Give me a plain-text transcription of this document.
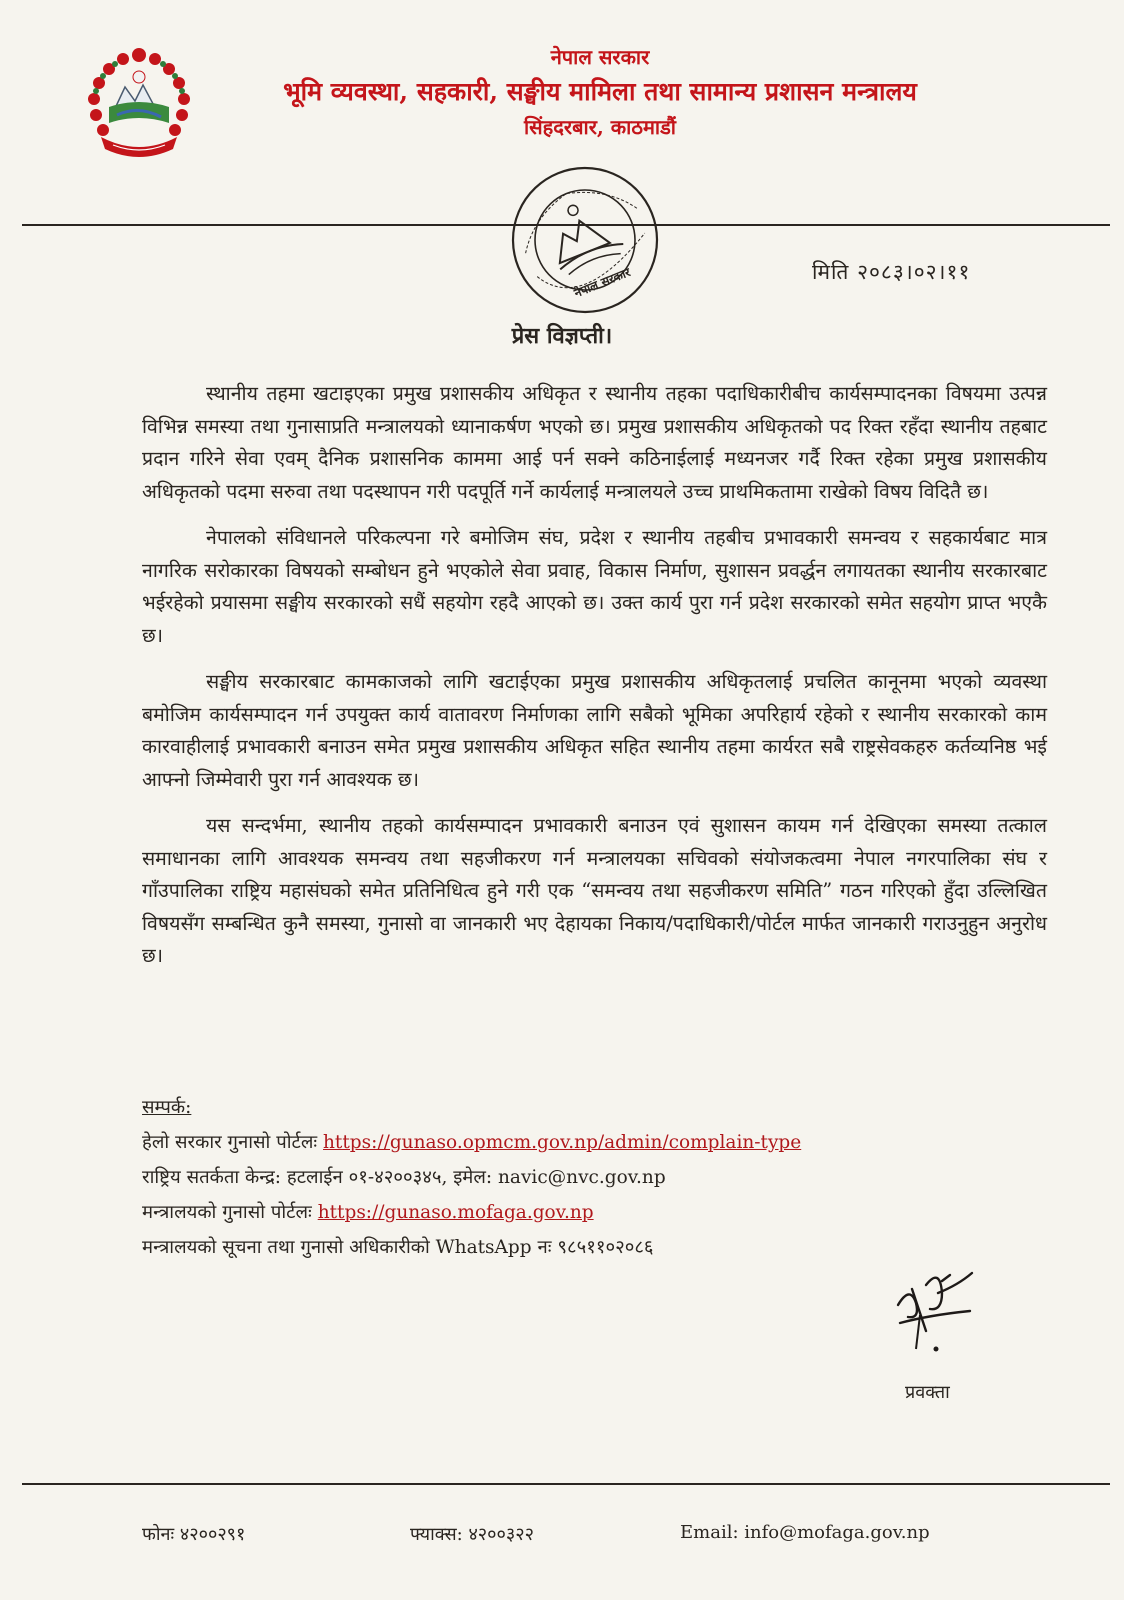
नेपाल सरकार
भूमि व्यवस्था, सहकारी, सङ्घीय मामिला तथा सामान्य प्रशासन मन्त्रालय
सिंहदरबार, काठमाडौं
नेपाल सरकार	मिति २०८३।०२।११
प्रेस विज्ञप्ती।

स्थानीय तहमा खटाइएका प्रमुख प्रशासकीय अधिकृत र स्थानीय तहका पदाधिकारीबीच कार्यसम्पादनका विषयमा उत्पन्न विभिन्न समस्या तथा गुनासाप्रति मन्त्रालयको ध्यानाकर्षण भएको छ। प्रमुख प्रशासकीय अधिकृतको पद रिक्त रहँदा स्थानीय तहबाट प्रदान गरिने सेवा एवम् दैनिक प्रशासनिक काममा आई पर्न सक्ने कठिनाईलाई मध्यनजर गर्दै रिक्त रहेका प्रमुख प्रशासकीय अधिकृतको पदमा सरुवा तथा पदस्थापन गरी पदपूर्ति गर्ने कार्यलाई मन्त्रालयले उच्च प्राथमिकतामा राखेको विषय विदितै छ।

नेपालको संविधानले परिकल्पना गरे बमोजिम संघ, प्रदेश र स्थानीय तहबीच प्रभावकारी समन्वय र सहकार्यबाट मात्र नागरिक सरोकारका विषयको सम्बोधन हुने भएकोले सेवा प्रवाह, विकास निर्माण, सुशासन प्रवर्द्धन लगायतका स्थानीय सरकारबाट भईरहेको प्रयासमा सङ्घीय सरकारको सधैं सहयोग रहदै आएको छ। उक्त कार्य पुरा गर्न प्रदेश सरकारको समेत सहयोग प्राप्त भएकै छ।

सङ्घीय सरकारबाट कामकाजको लागि खटाईएका प्रमुख प्रशासकीय अधिकृतलाई प्रचलित कानूनमा भएको व्यवस्था बमोजिम कार्यसम्पादन गर्न उपयुक्त कार्य वातावरण निर्माणका लागि सबैको भूमिका अपरिहार्य रहेको र स्थानीय सरकारको काम कारवाहीलाई प्रभावकारी बनाउन समेत प्रमुख प्रशासकीय अधिकृत सहित स्थानीय तहमा कार्यरत सबै राष्ट्रसेवकहरु कर्तव्यनिष्ठ भई आफ्नो जिम्मेवारी पुरा गर्न आवश्यक छ।

यस सन्दर्भमा, स्थानीय तहको कार्यसम्पादन प्रभावकारी बनाउन एवं सुशासन कायम गर्न देखिएका समस्या तत्काल समाधानका लागि आवश्यक समन्वय तथा सहजीकरण गर्न मन्त्रालयका सचिवको संयोजकत्वमा नेपाल नगरपालिका संघ र गाँउपालिका राष्ट्रिय महासंघको समेत प्रतिनिधित्व हुने गरी एक “समन्वय तथा सहजीकरण समिति” गठन गरिएको हुँदा उल्लिखित विषयसँग सम्बन्धित कुनै समस्या, गुनासो वा जानकारी भए देहायका निकाय/पदाधिकारी/पोर्टल मार्फत जानकारी गराउनुहुन अनुरोध छ।

सम्पर्क:
हेलो सरकार गुनासो पोर्टलः https://gunaso.opmcm.gov.np/admin/complain-type
राष्ट्रिय सतर्कता केन्द्र: हटलाईन ०१-४२००३४५, इमेल: navic@nvc.gov.np
मन्त्रालयको गुनासो पोर्टलः https://gunaso.mofaga.gov.np
मन्त्रालयको सूचना तथा गुनासो अधिकारीको WhatsApp नः ९८५११०२०८६
प्रवक्ता
फोनः ४२००२९१	फ्याक्स: ४२००३२२	Email: info@mofaga.gov.np
